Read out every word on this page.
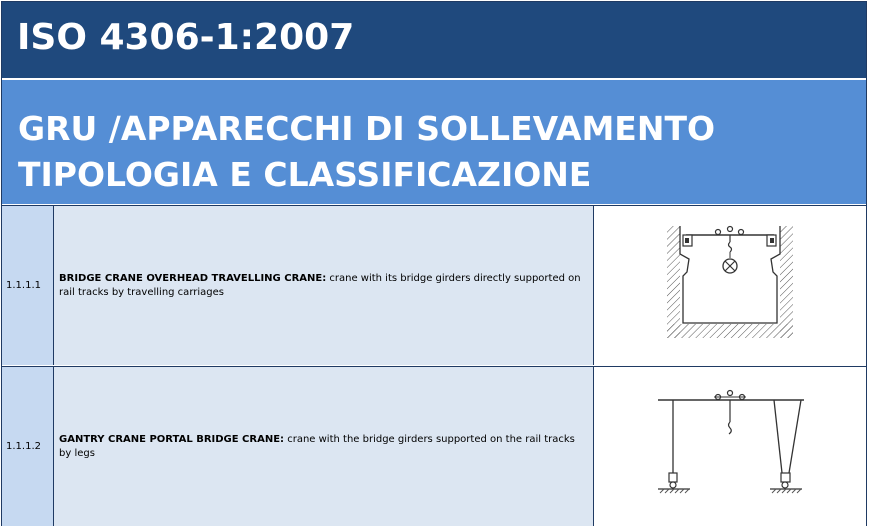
ISO 4306-1:2007
GRU /APPARECCHI DI SOLLEVAMENTO
TIPOLOGIA E CLASSIFICAZIONE
1.1.1.1
BRIDGE CRANE OVERHEAD TRAVELLING CRANE: crane with its bridge girders directly supported on rail tracks by travelling carriages
1.1.1.2
GANTRY CRANE PORTAL BRIDGE CRANE: crane with the bridge girders supported on the rail tracks by legs
